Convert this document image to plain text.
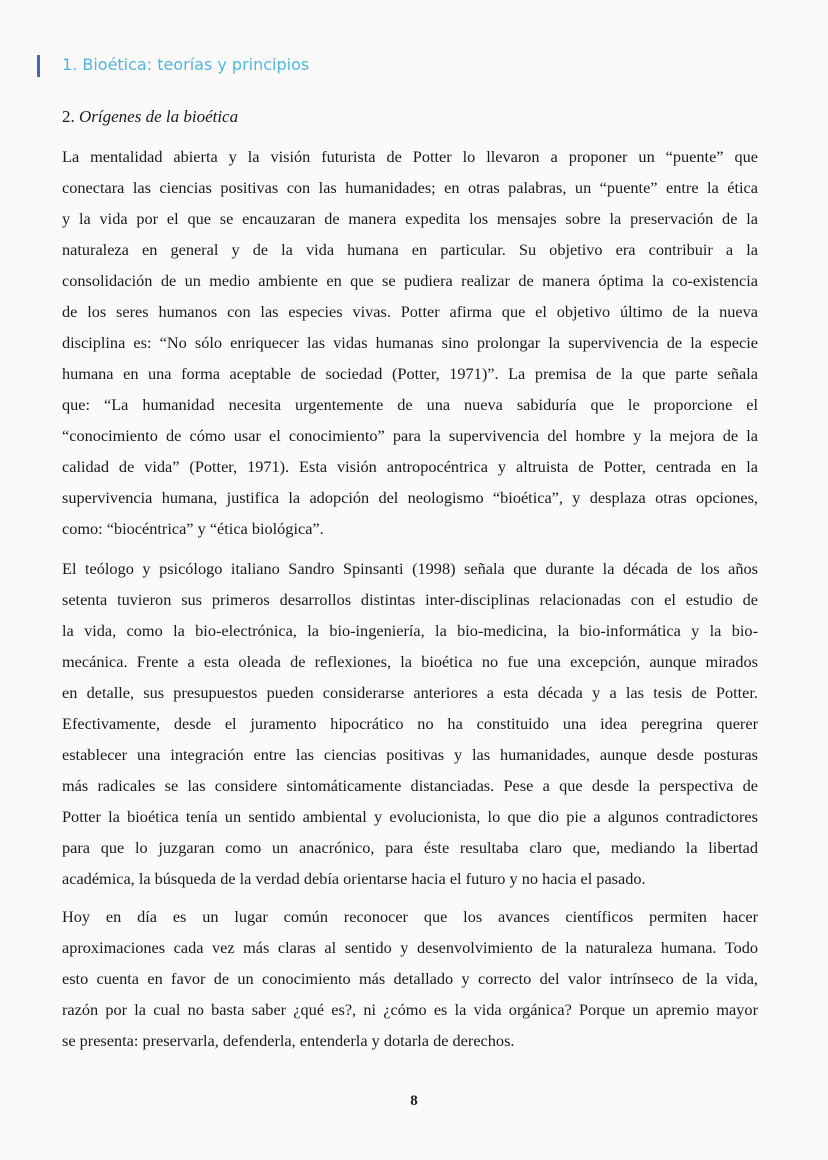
1. Bioética: teorías y principios
2. Orígenes de la bioética
La mentalidad abierta y la visión futurista de Potter lo llevaron a proponer un “puente” que
conectara las ciencias positivas con las humanidades; en otras palabras, un “puente” entre la ética
y la vida por el que se encauzaran de manera expedita los mensajes sobre la preservación de la
naturaleza en general y de la vida humana en particular. Su objetivo era contribuir a la
consolidación de un medio ambiente en que se pudiera realizar de manera óptima la co-existencia
de los seres humanos con las especies vivas. Potter afirma que el objetivo último de la nueva
disciplina es: “No sólo enriquecer las vidas humanas sino prolongar la supervivencia de la especie
humana en una forma aceptable de sociedad (Potter, 1971)”. La premisa de la que parte señala
que: “La humanidad necesita urgentemente de una nueva sabiduría que le proporcione el
“conocimiento de cómo usar el conocimiento” para la supervivencia del hombre y la mejora de la
calidad de vida” (Potter, 1971). Esta visión antropocéntrica y altruista de Potter, centrada en la
supervivencia humana, justifica la adopción del neologismo “bioética”, y desplaza otras opciones,
como: “biocéntrica” y “ética biológica”.
El teólogo y psicólogo italiano Sandro Spinsanti (1998) señala que durante la década de los años
setenta tuvieron sus primeros desarrollos distintas inter-disciplinas relacionadas con el estudio de
la vida, como la bio-electrónica, la bio-ingeniería, la bio-medicina, la bio-informática y la bio-
mecánica. Frente a esta oleada de reflexiones, la bioética no fue una excepción, aunque mirados
en detalle, sus presupuestos pueden considerarse anteriores a esta década y a las tesis de Potter.
Efectivamente, desde el juramento hipocrático no ha constituido una idea peregrina querer
establecer una integración entre las ciencias positivas y las humanidades, aunque desde posturas
más radicales se las considere sintomáticamente distanciadas. Pese a que desde la perspectiva de
Potter la bioética tenía un sentido ambiental y evolucionista, lo que dio pie a algunos contradictores
para que lo juzgaran como un anacrónico, para éste resultaba claro que, mediando la libertad
académica, la búsqueda de la verdad debía orientarse hacia el futuro y no hacia el pasado.
Hoy en día es un lugar común reconocer que los avances científicos permiten hacer
aproximaciones cada vez más claras al sentido y desenvolvimiento de la naturaleza humana. Todo
esto cuenta en favor de un conocimiento más detallado y correcto del valor intrínseco de la vida,
razón por la cual no basta saber ¿qué es?, ni ¿cómo es la vida orgánica? Porque un apremio mayor
se presenta: preservarla, defenderla, entenderla y dotarla de derechos.
8
